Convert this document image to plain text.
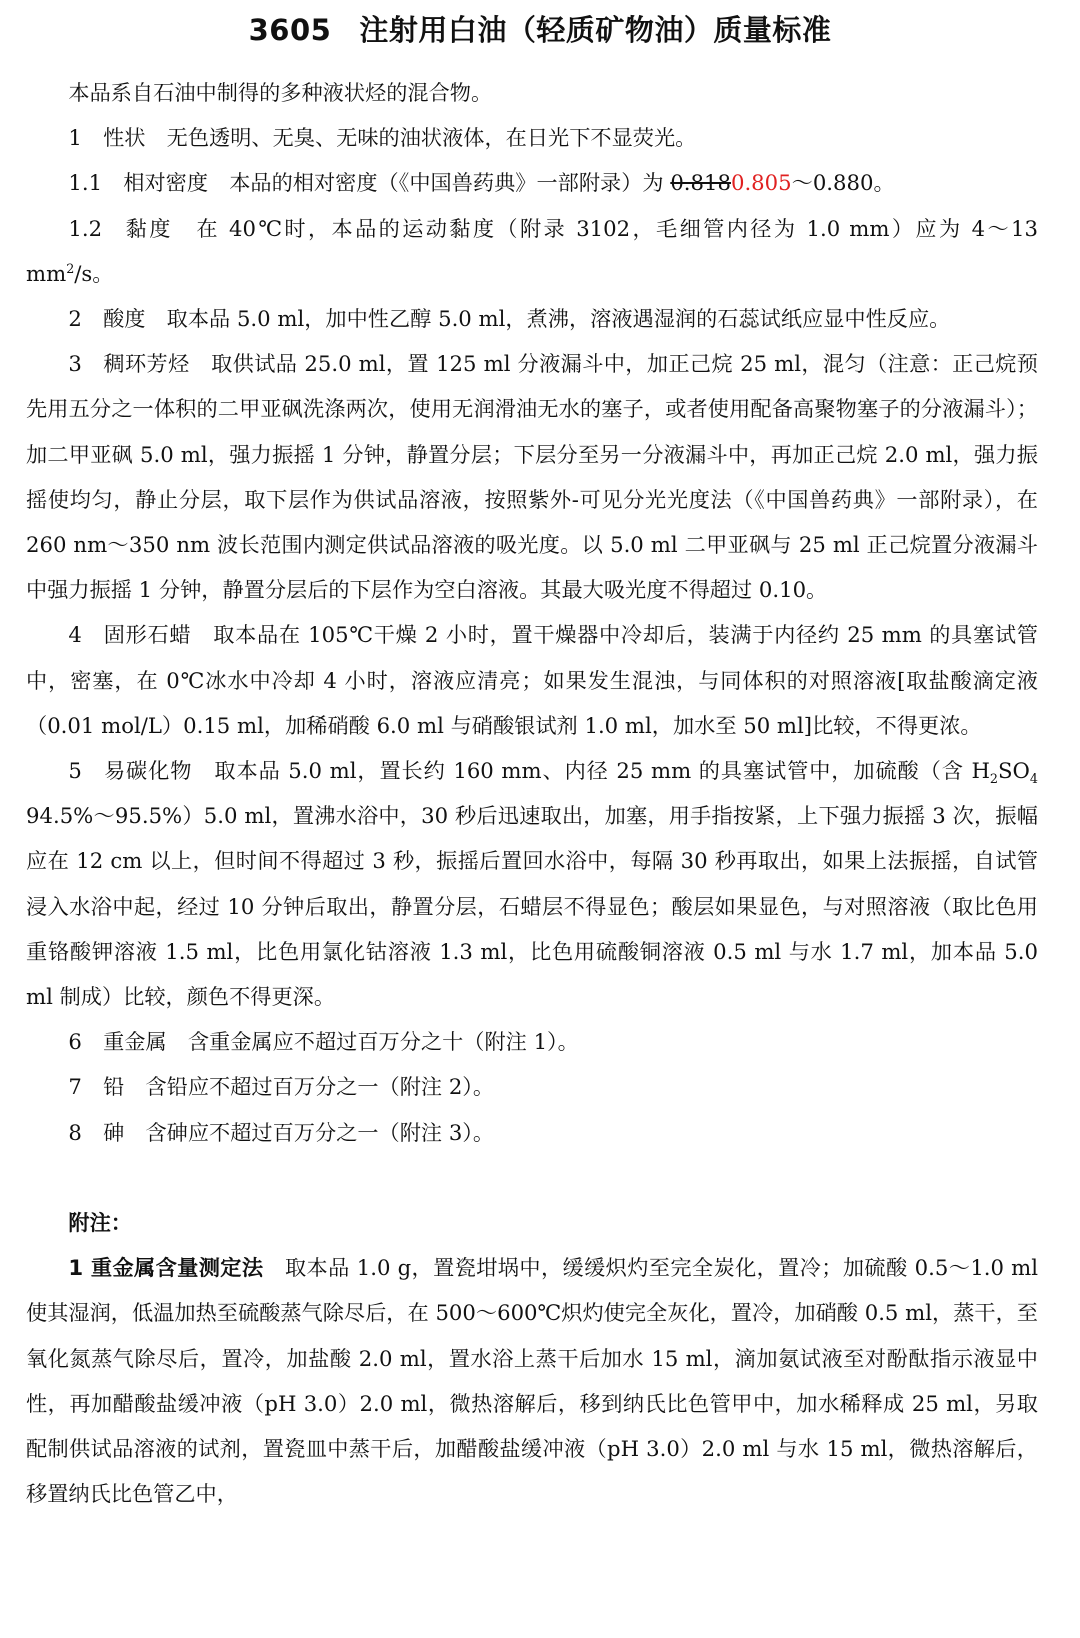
3605 注射用白油（轻质矿物油）质量标准

本品系自石油中制得的多种液状烃的混合物。

1 性状 无色透明、无臭、无味的油状液体，在日光下不显荧光。

1.1 相对密度 本品的相对密度（《中国兽药典》一部附录）为 0.8180.805～0.880。

1.2 黏度 在 40℃时，本品的运动黏度（附录 3102，毛细管内径为 1.0 mm）应为 4～13 $mm^2/s$。

2 酸度 取本品 5.0 ml，加中性乙醇 5.0 ml，煮沸，溶液遇湿润的石蕊试纸应显中性反应。

3 稠环芳烃 取供试品 25.0 ml，置 125 ml 分液漏斗中，加正己烷 25 ml，混匀（注意：正己烷预先用五分之一体积的二甲亚砜洗涤两次，使用无润滑油无水的塞子，或者使用配备高聚物塞子的分液漏斗）；加二甲亚砜 5.0 ml，强力振摇 1 分钟，静置分层；下层分至另一分液漏斗中，再加正己烷 2.0 ml，强力振摇使均匀，静止分层，取下层作为供试品溶液，按照紫外-可见分光光度法（《中国兽药典》一部附录），在 260 nm～350 nm 波长范围内测定供试品溶液的吸光度。以 5.0 ml 二甲亚砜与 25 ml 正己烷置分液漏斗中强力振摇 1 分钟，静置分层后的下层作为空白溶液。其最大吸光度不得超过 0.10。

4 固形石蜡 取本品在 105℃干燥 2 小时，置干燥器中冷却后，装满于内径约 25 mm 的具塞试管中，密塞，在 0℃冰水中冷却 4 小时，溶液应清亮；如果发生混浊，与同体积的对照溶液[取盐酸滴定液（0.01 mol/L）0.15 ml，加稀硝酸 6.0 ml 与硝酸银试剂 1.0 ml，加水至 50 ml]比较，不得更浓。

5 易碳化物 取本品 5.0 ml，置长约 160 mm、内径 25 mm 的具塞试管中，加硫酸（含 $H_2SO_4$ 94.5%～95.5%）5.0 ml，置沸水浴中，30 秒后迅速取出，加塞，用手指按紧，上下强力振摇 3 次，振幅应在 12 cm 以上，但时间不得超过 3 秒，振摇后置回水浴中，每隔 30 秒再取出，如果上法振摇，自试管浸入水浴中起，经过 10 分钟后取出，静置分层，石蜡层不得显色；酸层如果显色，与对照溶液（取比色用重铬酸钾溶液 1.5 ml，比色用氯化钴溶液 1.3 ml，比色用硫酸铜溶液 0.5 ml 与水 1.7 ml，加本品 5.0 ml 制成）比较，颜色不得更深。

6 重金属 含重金属应不超过百万分之十（附注 1）。

7 铅 含铅应不超过百万分之一（附注 2）。

8 砷 含砷应不超过百万分之一（附注 3）。

附注：

1 重金属含量测定法 取本品 1.0 g，置瓷坩埚中，缓缓炽灼至完全炭化，置冷；加硫酸 0.5～1.0 ml 使其湿润，低温加热至硫酸蒸气除尽后，在 500～600℃炽灼使完全灰化，置冷，加硝酸 0.5 ml，蒸干，至氧化氮蒸气除尽后，置冷，加盐酸 2.0 ml，置水浴上蒸干后加水 15 ml，滴加氨试液至对酚酞指示液显中性，再加醋酸盐缓冲液（pH 3.0）2.0 ml，微热溶解后，移到纳氏比色管甲中，加水稀释成 25 ml，另取配制供试品溶液的试剂，置瓷皿中蒸干后，加醋酸盐缓冲液（pH 3.0）2.0 ml 与水 15 ml，微热溶解后，移置纳氏比色管乙中，
